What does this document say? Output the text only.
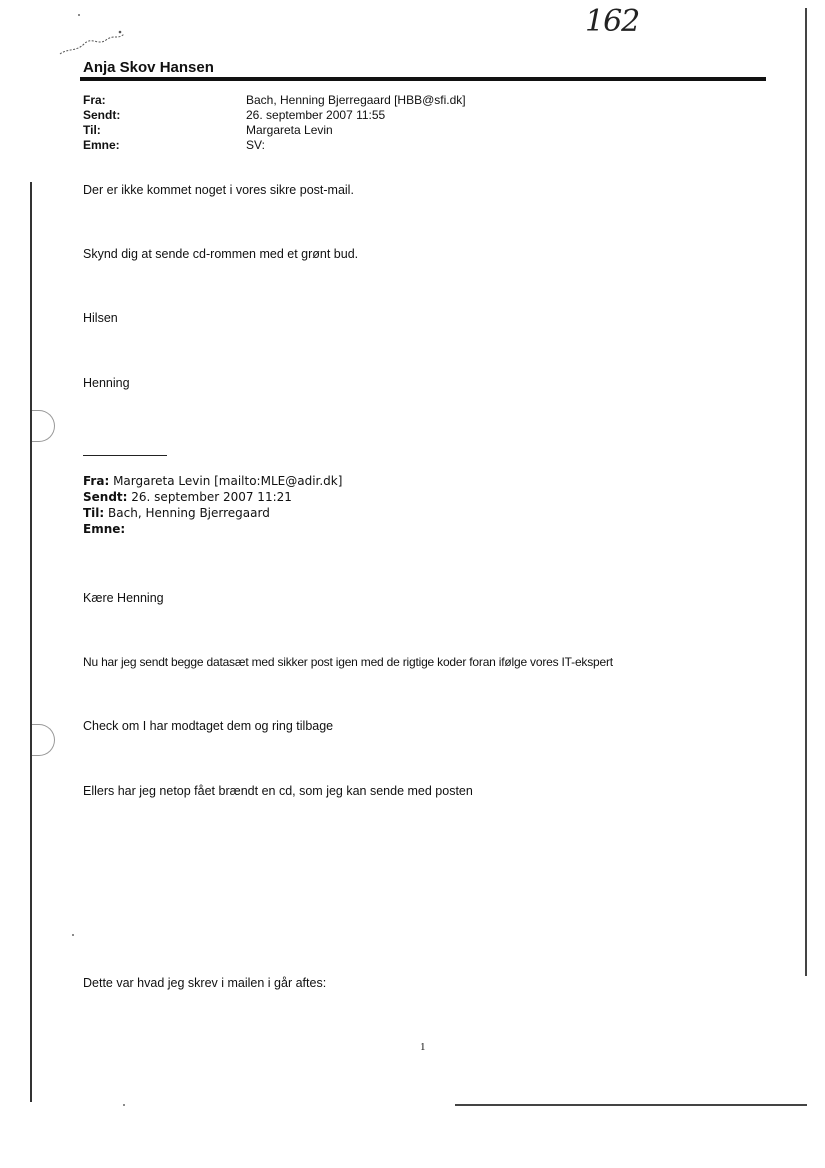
162
Anja Skov Hansen
Fra:
Sendt:
Til:
Emne:
Bach, Henning Bjerregaard [HBB@sfi.dk]
26. september 2007 11:55
Margareta Levin
SV:
Der er ikke kommet noget i vores sikre post-mail.
Skynd dig at sende cd-rommen med et grønt bud.
Hilsen
Henning
Fra: Margareta Levin [mailto:MLE@adir.dk]
Sendt: 26. september 2007 11:21
Til: Bach, Henning Bjerregaard
Emne:
Kære Henning
Nu har jeg sendt begge datasæt med sikker post igen med de rigtige koder foran ifølge vores IT-ekspert
Check om I har modtaget dem og ring tilbage
Ellers har jeg netop fået brændt en cd, som jeg kan sende med posten
Dette var hvad jeg skrev i mailen i går aftes:
1
